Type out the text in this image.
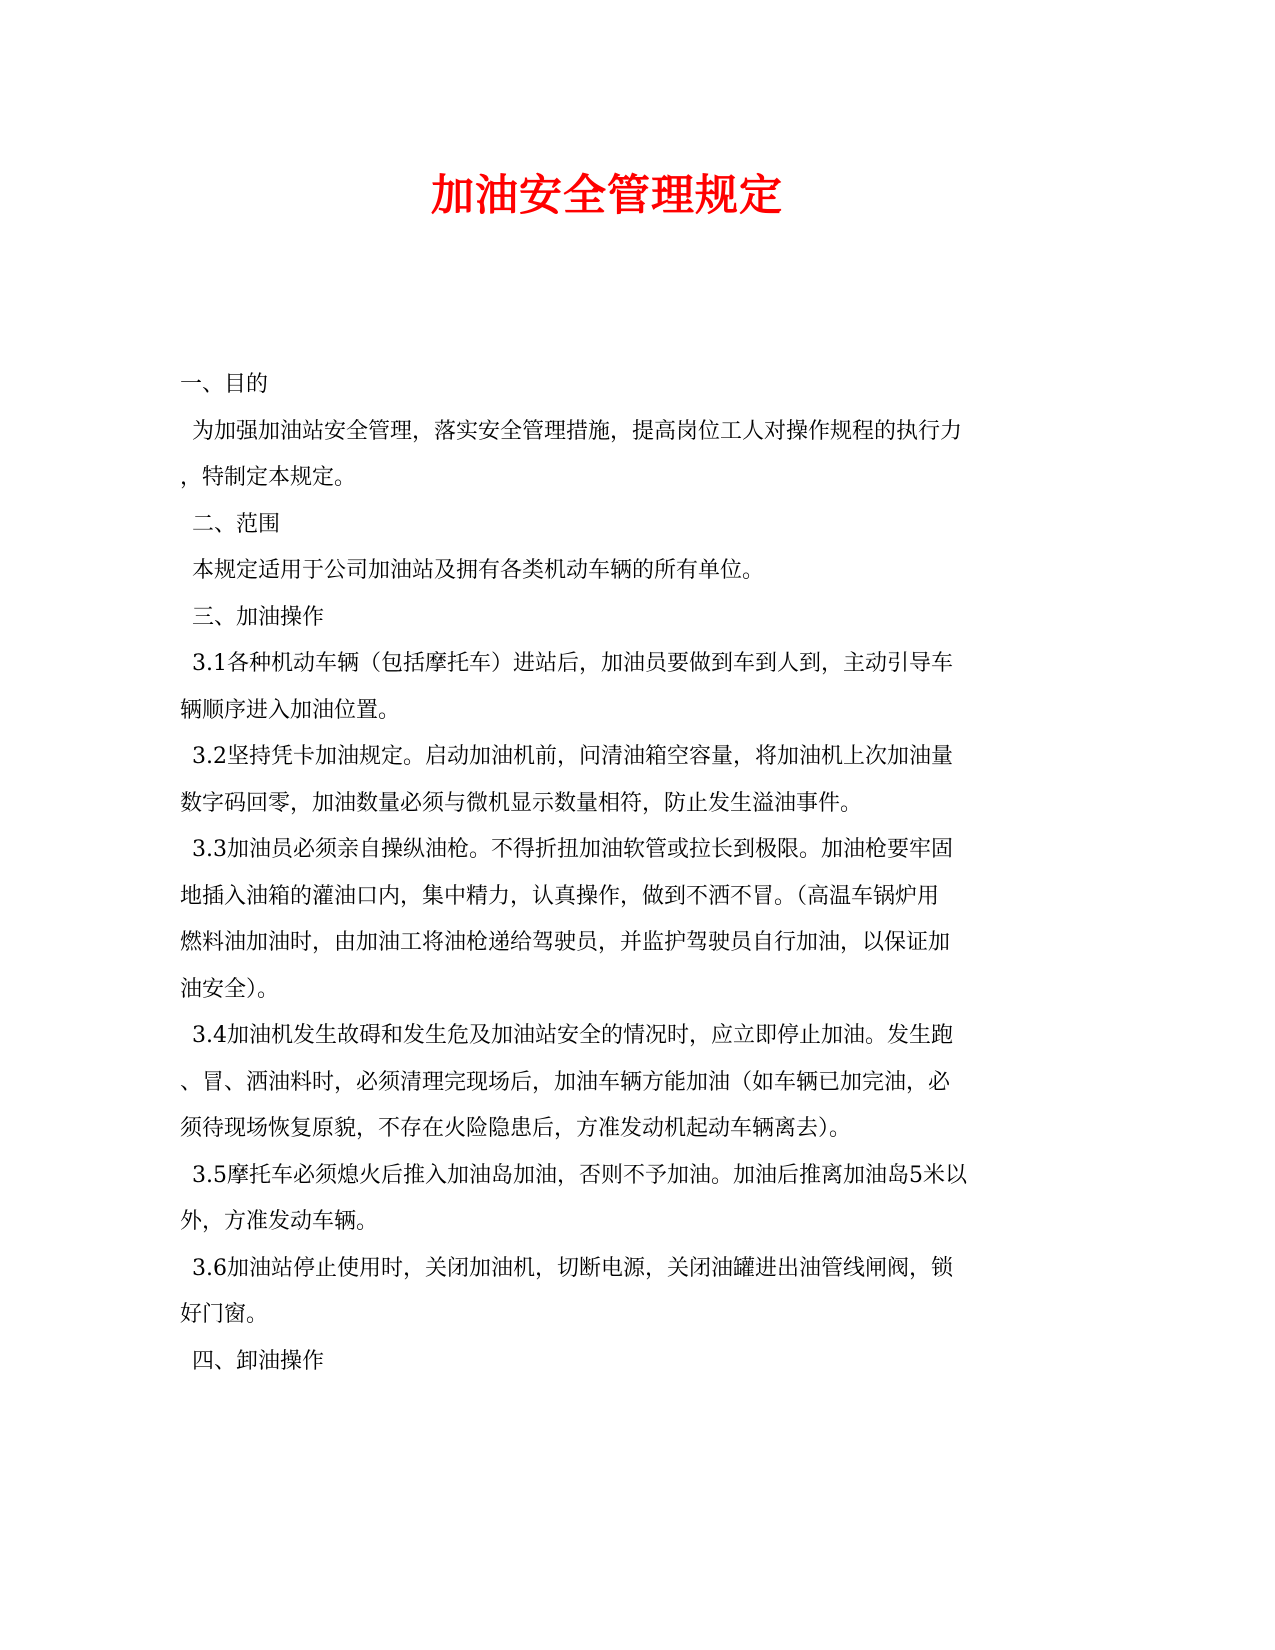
加油安全管理规定
一、目的
为加强加油站安全管理，落实安全管理措施，提高岗位工人对操作规程的执行力
，特制定本规定。
二、范围
本规定适用于公司加油站及拥有各类机动车辆的所有单位。
三、加油操作
3.1各种机动车辆（包括摩托车）进站后，加油员要做到车到人到，主动引导车
辆顺序进入加油位置。
3.2坚持凭卡加油规定。启动加油机前，问清油箱空容量，将加油机上次加油量
数字码回零，加油数量必须与微机显示数量相符，防止发生溢油事件。
3.3加油员必须亲自操纵油枪。不得折扭加油软管或拉长到极限。加油枪要牢固
地插入油箱的灌油口内，集中精力，认真操作，做到不洒不冒。（高温车锅炉用
燃料油加油时，由加油工将油枪递给驾驶员，并监护驾驶员自行加油，以保证加
油安全）。
3.4加油机发生故碍和发生危及加油站安全的情况时，应立即停止加油。发生跑
、冒、洒油料时，必须清理完现场后，加油车辆方能加油（如车辆已加完油，必
须待现场恢复原貌，不存在火险隐患后，方准发动机起动车辆离去）。
3.5摩托车必须熄火后推入加油岛加油，否则不予加油。加油后推离加油岛5米以
外，方准发动车辆。
3.6加油站停止使用时，关闭加油机，切断电源，关闭油罐进出油管线闸阀，锁
好门窗。
四、卸油操作
